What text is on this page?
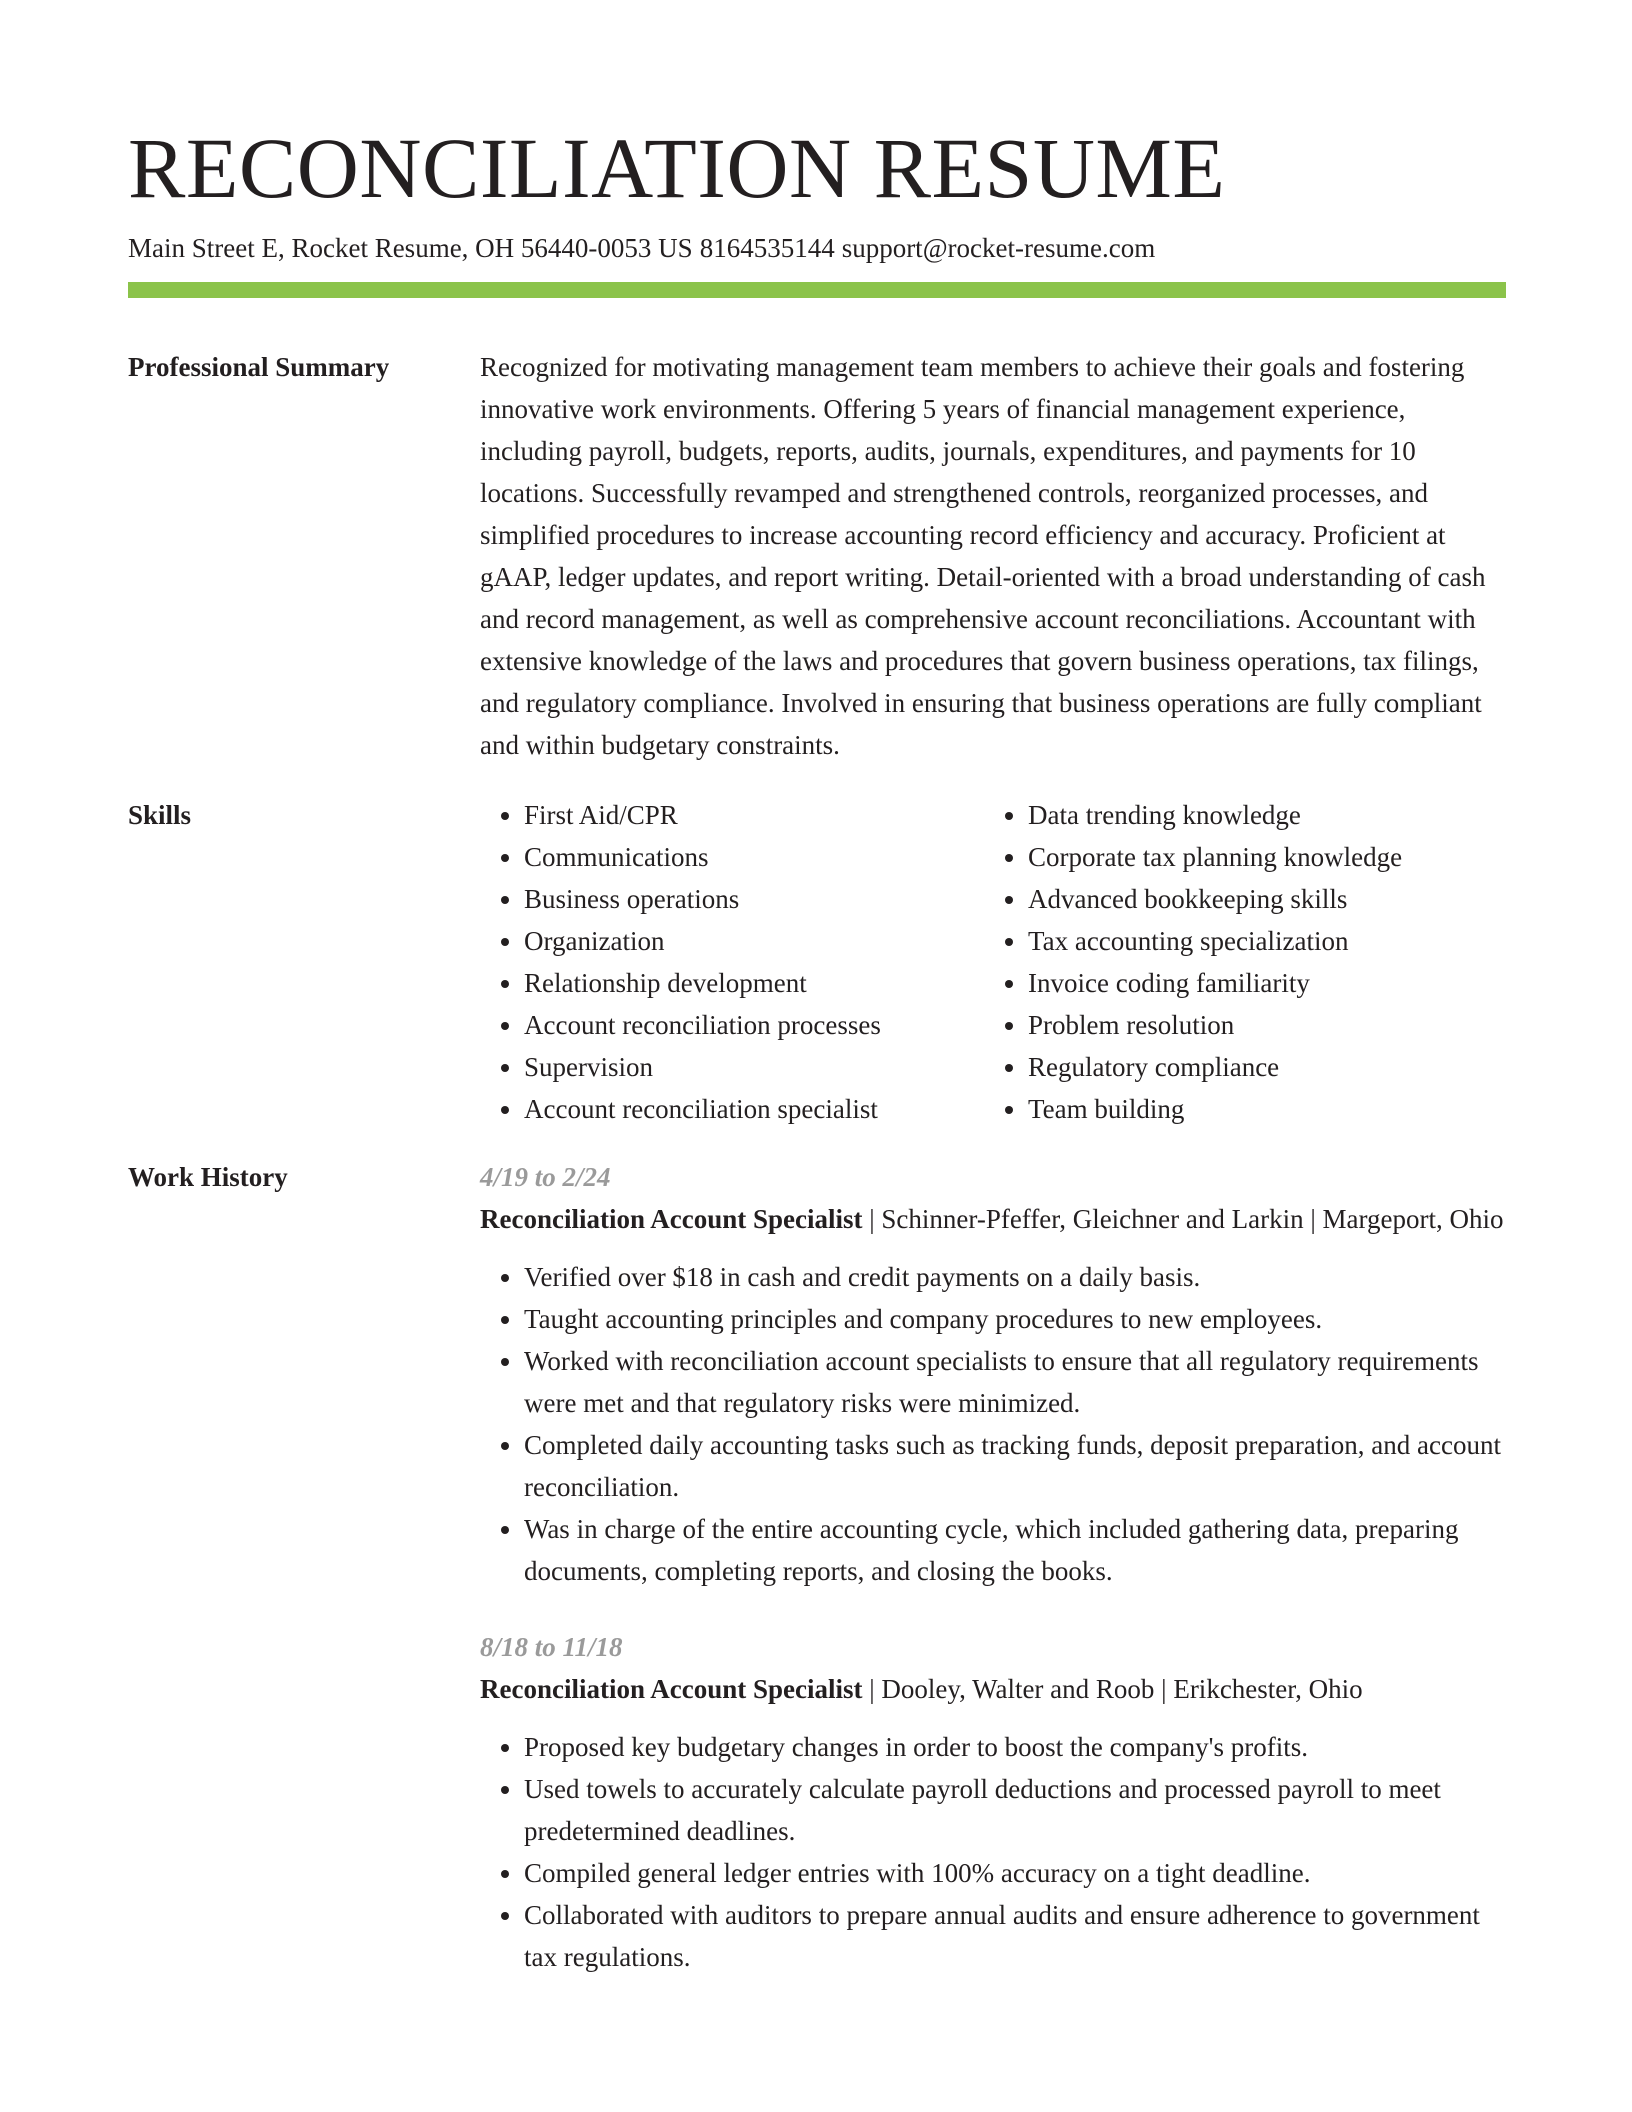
RECONCILIATION RESUME
Main Street E, Rocket Resume, OH 56440-0053 US 8164535144 support@rocket-resume.com
Professional Summary	Recognized for motivating management team members to achieve their goals and fostering innovative work environments. Offering 5 years of financial management experience, including payroll, budgets, reports, audits, journals, expenditures, and payments for 10 locations. Successfully revamped and strengthened controls, reorganized processes, and simplified procedures to increase accounting record efficiency and accuracy. Proficient at gAAP, ledger updates, and report writing. Detail-oriented with a broad understanding of cash and record management, as well as comprehensive account reconciliations. Accountant with extensive knowledge of the laws and procedures that govern business operations, tax filings, and regulatory compliance. Involved in ensuring that business operations are fully compliant and within budgetary constraints.

Skills
•	First Aid/CPR
• Communications
• Business operations
• Organization
• Relationship development
• Account reconciliation processes
• Supervision
• Account reconciliation specialist
• Data trending knowledge
• Corporate tax planning knowledge
• Advanced bookkeeping skills
• Tax accounting specialization
• Invoice coding familiarity
• Problem resolution
• Regulatory compliance
• Team building
Work History	4/19 to 2/24
Reconciliation Account Specialist | Schinner-Pfeffer, Gleichner and Larkin | Margeport, Ohio
• Verified over $18 in cash and credit payments on a daily basis.
• Taught accounting principles and company procedures to new employees.
• Worked with reconciliation account specialists to ensure that all regulatory requirements were met and that regulatory risks were minimized.
• Completed daily accounting tasks such as tracking funds, deposit preparation, and account reconciliation.
• Was in charge of the entire accounting cycle, which included gathering data, preparing documents, completing reports, and closing the books.
8/18 to 11/18
Reconciliation Account Specialist | Dooley, Walter and Roob | Erikchester, Ohio
• Proposed key budgetary changes in order to boost the company's profits.
• Used towels to accurately calculate payroll deductions and processed payroll to meet predetermined deadlines.
• Compiled general ledger entries with 100% accuracy on a tight deadline.
• Collaborated with auditors to prepare annual audits and ensure adherence to government tax regulations.
